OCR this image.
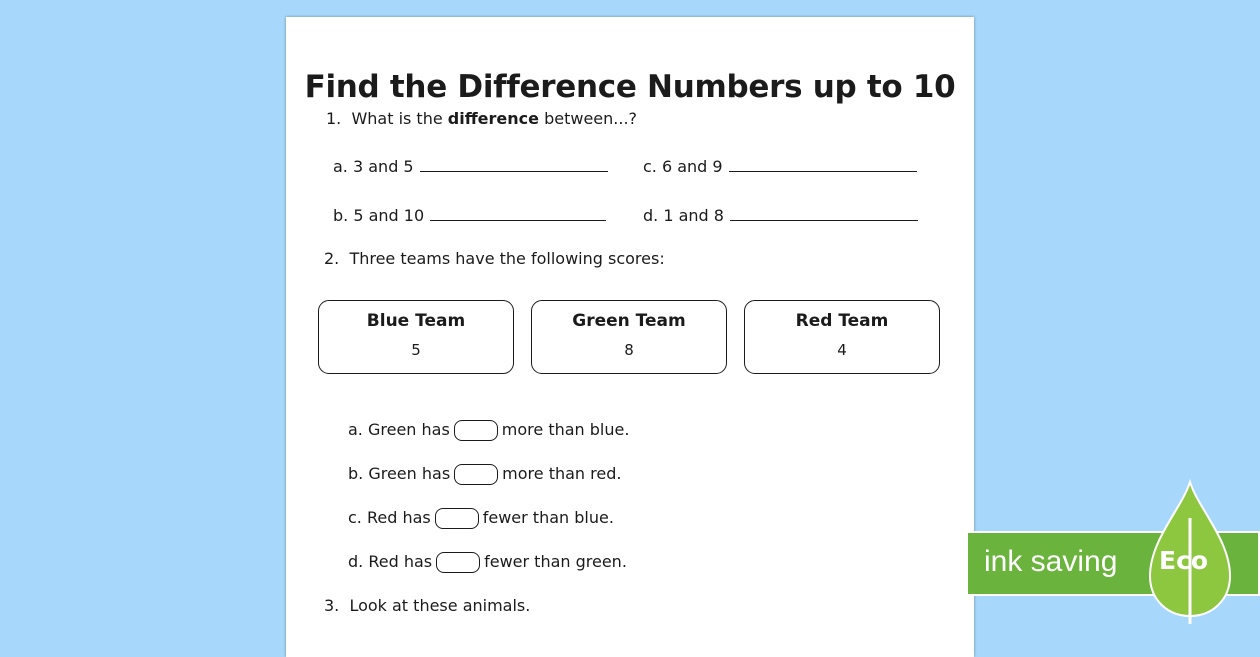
Find the Difference Numbers up to 10
1. What is the difference between...?
a. 3 and 5	c. 6 and 9
b. 5 and 10	d. 1 and 8
2. Three teams have the following scores:
Blue Team
5
Green Team
8
Red Team
4
a. Green has	more than blue.
b. Green has	more than red.
c. Red has	fewer than blue.
d. Red has	fewer than green.
3. Look at these animals.
ink saving Eco
